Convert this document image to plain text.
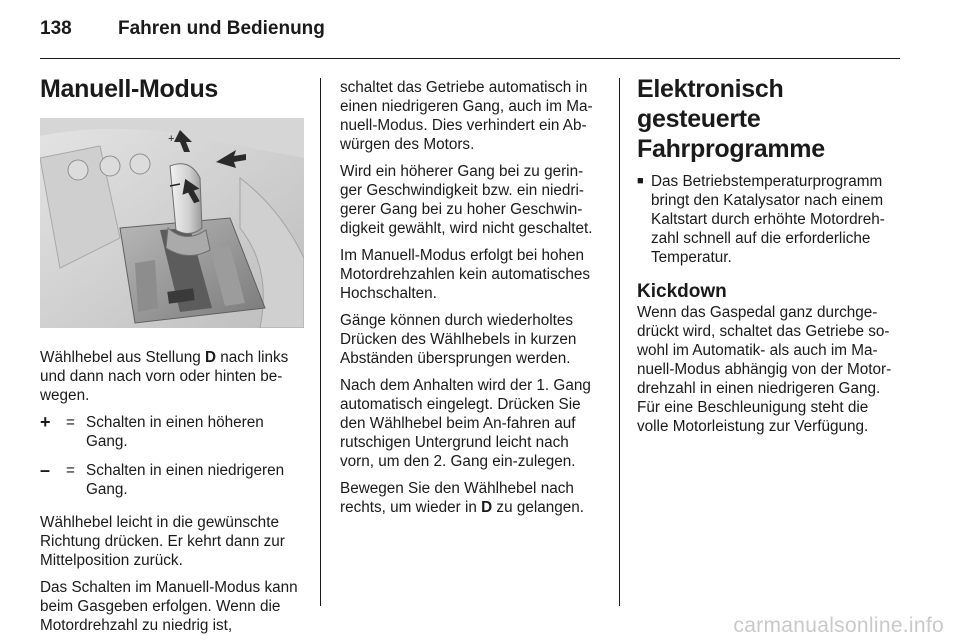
138 Fahren und Bedienung
Manuell-Modus
+

Wählhebel aus Stellung D nach links und dann nach vorn oder hinten be-wegen.

+	= Schalten in einen höheren Gang.
–	= Schalten in einen niedrigeren Gang.

Wählhebel leicht in die gewünschte Richtung drücken. Er kehrt dann zur Mittelposition zurück.

Das Schalten im Manuell-Modus kann beim Gasgeben erfolgen. Wenn die Motordrehzahl zu niedrig ist,

schaltet das Getriebe automatisch in einen niedrigeren Gang, auch im Ma-nuell-Modus. Dies verhindert ein Ab-würgen des Motors.

Wird ein höherer Gang bei zu gerin-ger Geschwindigkeit bzw. ein niedri-gerer Gang bei zu hoher Geschwin-digkeit gewählt, wird nicht geschaltet.

Im Manuell-Modus erfolgt bei hohen Motordrehzahlen kein automatisches Hochschalten.

Gänge können durch wiederholtes Drücken des Wählhebels in kurzen Abständen übersprungen werden.

Nach dem Anhalten wird der 1. Gang automatisch eingelegt. Drücken Sie den Wählhebel beim An-fahren auf rutschigen Untergrund leicht nach vorn, um den 2. Gang ein-zulegen.

Bewegen Sie den Wählhebel nach rechts, um wieder in D zu gelangen.

Elektronisch gesteuerte Fahrprogramme
■ Das Betriebstemperaturprogramm bringt den Katalysator nach einem Kaltstart durch erhöhte Motordreh-zahl schnell auf die erforderliche Temperatur.
Kickdown

Wenn das Gaspedal ganz durchge-drückt wird, schaltet das Getriebe so-wohl im Automatik- als auch im Ma-nuell-Modus abhängig von der Motor-drehzahl in einen niedrigeren Gang. Für eine Beschleunigung steht die volle Motorleistung zur Verfügung.

carmanualsonline.info
